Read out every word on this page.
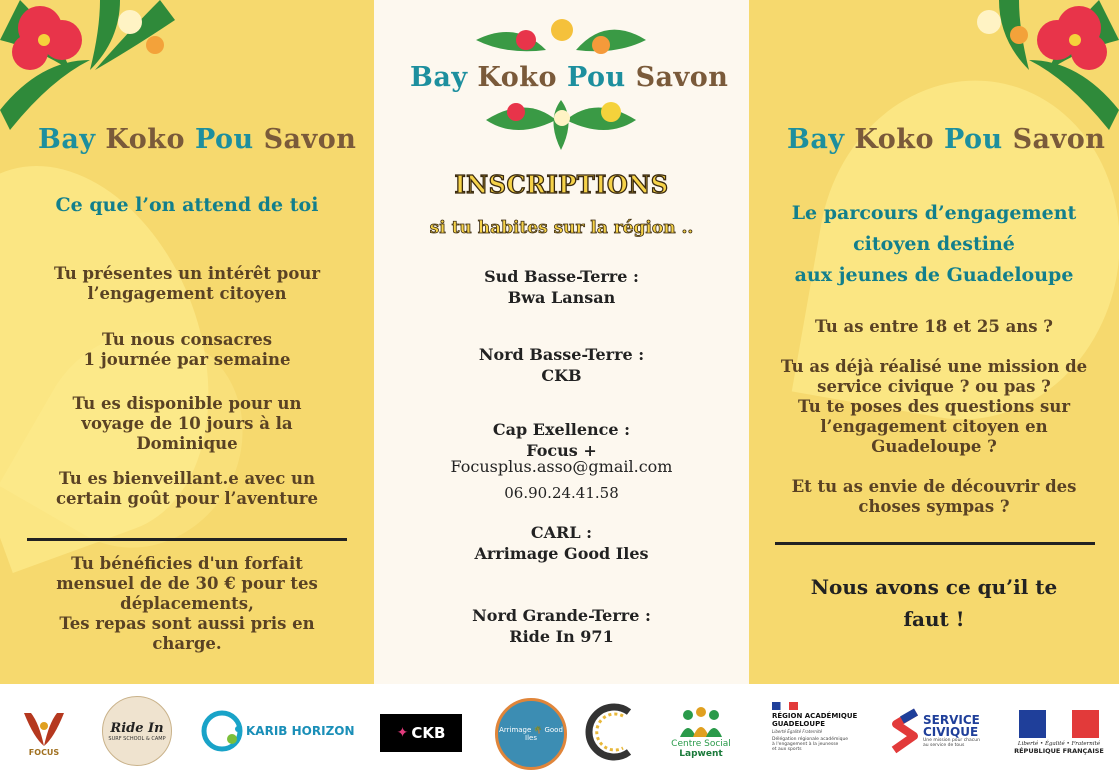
Bay Koko Pou Savon
Ce que l’on attend de toi
Tu présentes un intérêt pour
l’engagement citoyen
Tu nous consacres
1 journée par semaine
Tu es disponible pour un
voyage de 10 jours à la
Dominique
Tu es bienveillant.e avec un
certain goût pour l’aventure
Tu bénéficies d'un forfait
mensuel de de 30 € pour tes
déplacements,
Tes repas sont aussi pris en
charge.
Bay Koko Pou Savon
INSCRIPTIONS
si tu habites sur la région ..
Sud Basse-Terre :
Bwa Lansan
Nord Basse-Terre :
CKB
Cap Exellence :
Focus +
Focusplus.asso@gmail.com
06.90.24.41.58
CARL :
Arrimage Good Iles
Nord Grande-Terre :
Ride In 971
Bay Koko Pou Savon
Le parcours d’engagement
citoyen destiné
aux jeunes de Guadeloupe
Tu as entre 18 et 25 ans ?
Tu as déjà réalisé une mission de
service civique ? ou pas ?
Tu te poses des questions sur
l’engagement citoyen en
Guadeloupe ?
Et tu as envie de découvrir des
choses sympas ?
Nous avons ce qu’il te
faut !
FOCUS
Ride In
SURF SCHOOL & CAMP
KARIB HORIZON	✦ CKB	Arrimage 🌴 Good Iles
Centre Social
Lapwent
RÉGION ACADÉMIQUE
GUADELOUPE
Liberté Égalité Fraternité
Délégation régionale académique
à l'engagement à la jeunesse
et aux sports
SERVICE
CIVIQUE
Une mission pour chacun
au service de tous	Liberté • Égalité • Fraternité
RÉPUBLIQUE FRANÇAISE
